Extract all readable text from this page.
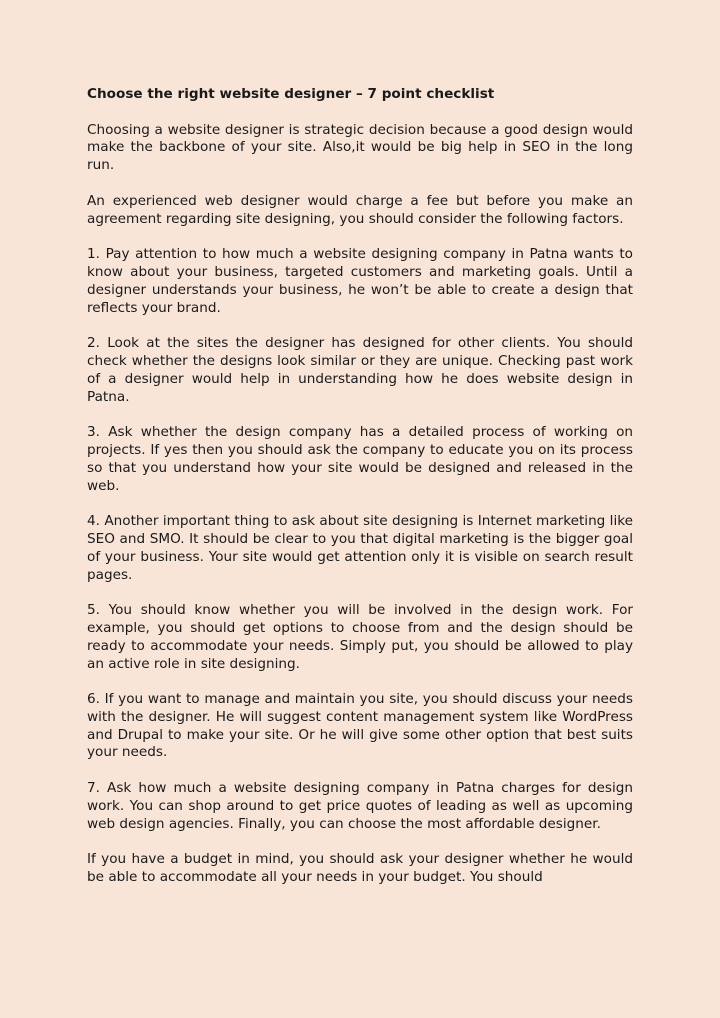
Choose the right website designer – 7 point checklist

Choosing a website designer is strategic decision because a good design would make the backbone of your site. Also,it would be big help in SEO in the long run.

An experienced web designer would charge a fee but before you make an agreement regarding site designing, you should consider the following factors.

1. Pay attention to how much a website designing company in Patna wants to know about your business, targeted customers and marketing goals. Until a designer understands your business, he won’t be able to create a design that reflects your brand.

2. Look at the sites the designer has designed for other clients. You should check whether the designs look similar or they are unique. Checking past work of a designer would help in understanding how he does website design in Patna.

3. Ask whether the design company has a detailed process of working on projects. If yes then you should ask the company to educate you on its process so that you understand how your site would be designed and released in the web.

4. Another important thing to ask about site designing is Internet marketing like SEO and SMO. It should be clear to you that digital marketing is the bigger goal of your business. Your site would get attention only it is visible on search result pages.

5. You should know whether you will be involved in the design work. For example, you should get options to choose from and the design should be ready to accommodate your needs. Simply put, you should be allowed to play an active role in site designing.

6. If you want to manage and maintain you site, you should discuss your needs with the designer. He will suggest content management system like WordPress and Drupal to make your site. Or he will give some other option that best suits your needs.

7. Ask how much a website designing company in Patna charges for design work. You can shop around to get price quotes of leading as well as upcoming web design agencies. Finally, you can choose the most affordable designer.

If you have a budget in mind, you should ask your designer whether he would be able to accommodate all your needs in your budget. You should
